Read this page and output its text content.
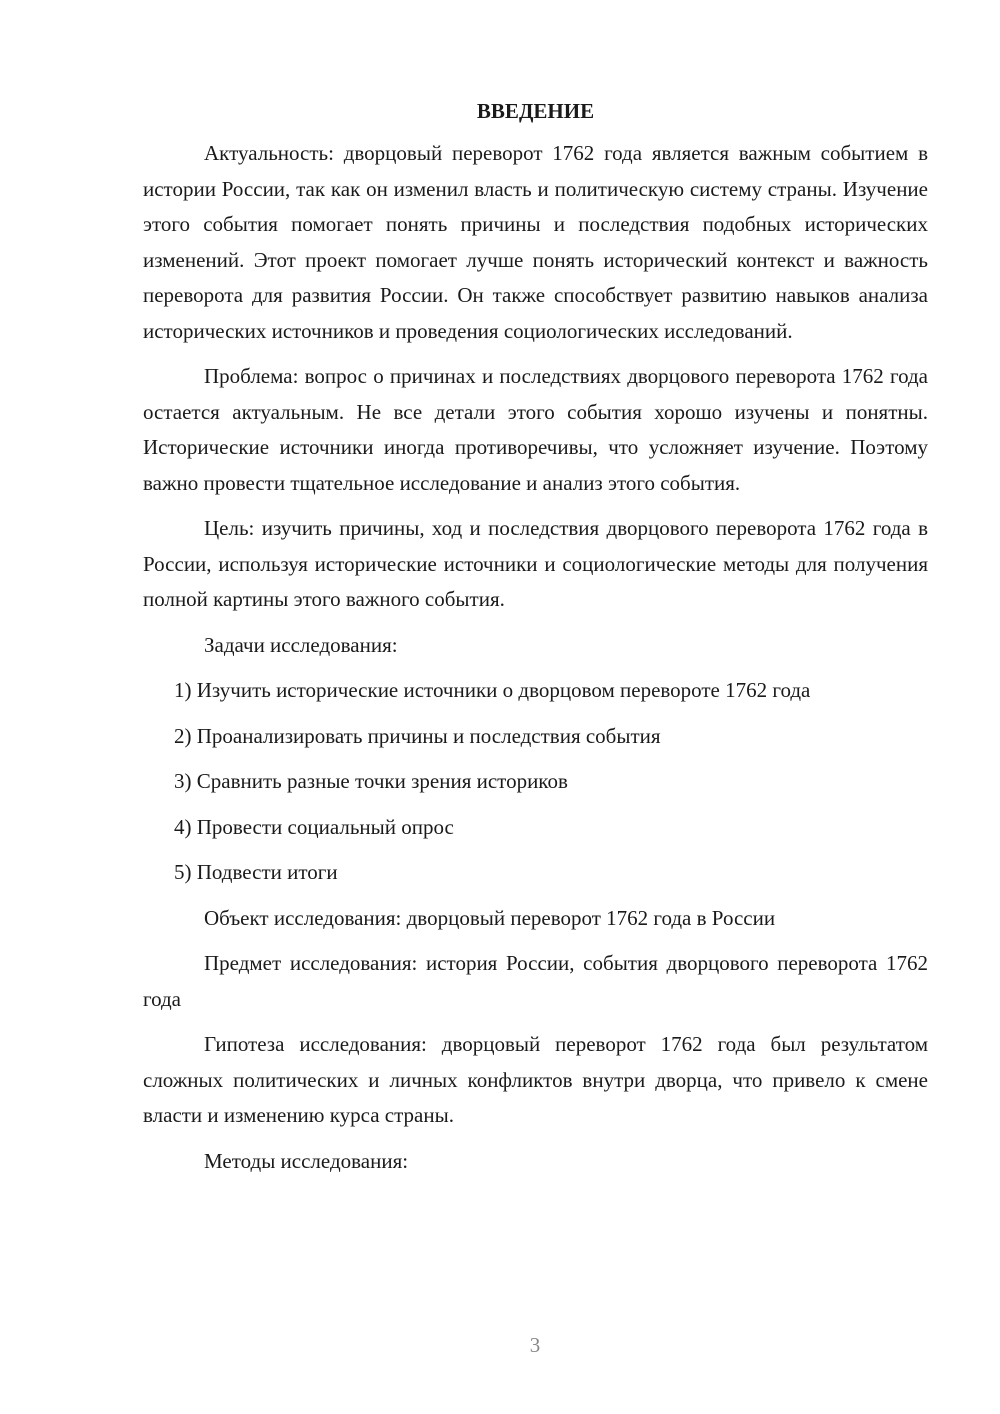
ВВЕДЕНИЕ

Актуальность: дворцовый переворот 1762 года является важным событием в истории России, так как он изменил власть и политическую систему страны. Изучение этого события помогает понять причины и последствия подобных исторических изменений. Этот проект помогает лучше понять исторический контекст и важность переворота для развития России. Он также способствует развитию навыков анализа исторических источников и проведения социологических исследований.

Проблема: вопрос о причинах и последствиях дворцового переворота 1762 года остается актуальным. Не все детали этого события хорошо изучены и понятны. Исторические источники иногда противоречивы, что усложняет изучение. Поэтому важно провести тщательное исследование и анализ этого события.

Цель: изучить причины, ход и последствия дворцового переворота 1762 года в России, используя исторические источники и социологические методы для получения полной картины этого важного события.

Задачи исследования:

1) Изучить исторические источники о дворцовом перевороте 1762 года
2) Проанализировать причины и последствия события
3) Сравнить разные точки зрения историков
4) Провести социальный опрос
5) Подвести итоги

Объект исследования: дворцовый переворот 1762 года в России

Предмет исследования: история России, события дворцового переворота 1762 года

Гипотеза исследования: дворцовый переворот 1762 года был результатом сложных политических и личных конфликтов внутри дворца, что привело к смене власти и изменению курса страны.

Методы исследования:

3
